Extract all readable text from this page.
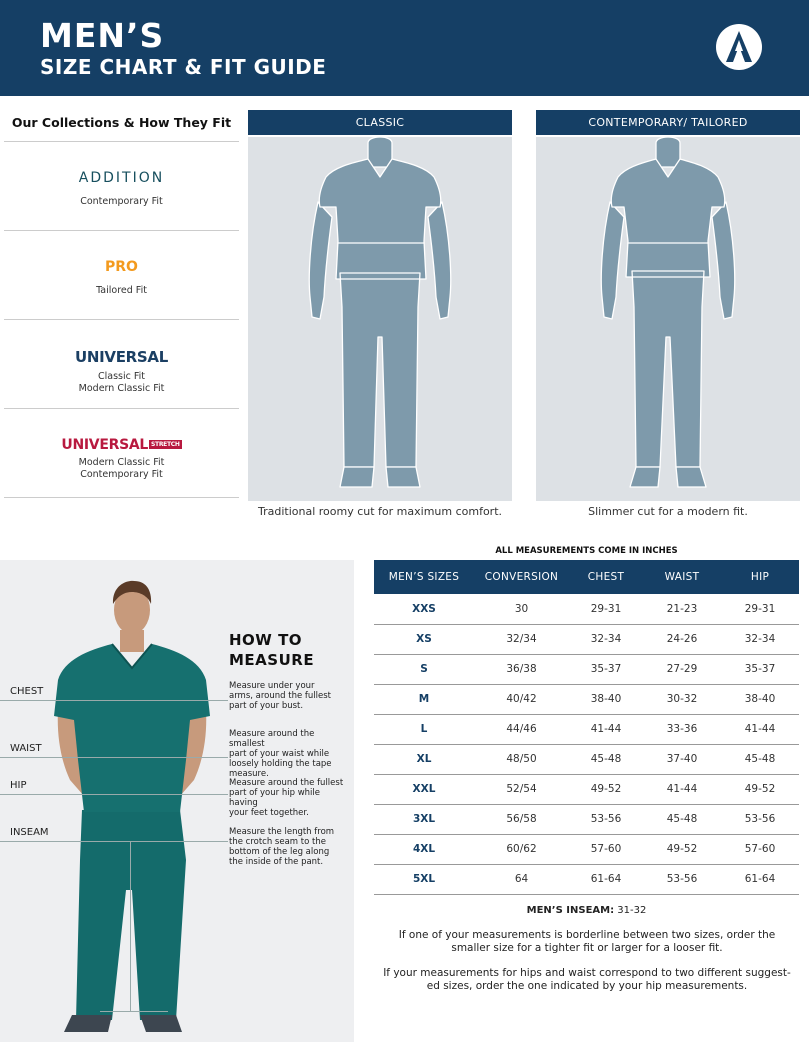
MEN’S
SIZE CHART & FIT GUIDE
Our Collections & How They Fit
ADDITION
Contemporary Fit
PRO
Tailored Fit
UNIVERSAL
Classic Fit
Modern Classic Fit
UNIVERSAL STRETCH
Modern Classic Fit
Contemporary Fit
CLASSIC
Traditional roomy cut for maximum comfort.
CONTEMPORARY/ TAILORED
Slimmer cut for a modern fit.
CHEST
WAIST
HIP
INSEAM
HOW TO
MEASURE
Measure under your
arms, around the fullest
part of your bust.
Measure around the smallest
part of your waist while
loosely holding the tape
measure.
Measure around the fullest
part of your hip while having
your feet together.
Measure the length from
the crotch seam to the
bottom of the leg along
the inside of the pant.
ALL MEASUREMENTS COME IN INCHES
MEN’S SIZES	CONVERSION	CHEST	WAIST	HIP
XXS	30	29-31	21-23	29-31
XS	32/34	32-34	24-26	32-34
S	36/38	35-37	27-29	35-37
M	40/42	38-40	30-32	38-40
L	44/46	41-44	33-36	41-44
XL	48/50	45-48	37-40	45-48
XXL	52/54	49-52	41-44	49-52
3XL	56/58	53-56	45-48	53-56
4XL	60/62	57-60	49-52	57-60
5XL	64	61-64	53-56	61-64
MEN’S INSEAM: 31-32
If one of your measurements is borderline between two sizes, order the
smaller size for a tighter fit or larger for a looser fit.
If your measurements for hips and waist correspond to two different suggest-
ed sizes, order the one indicated by your hip measurements.
